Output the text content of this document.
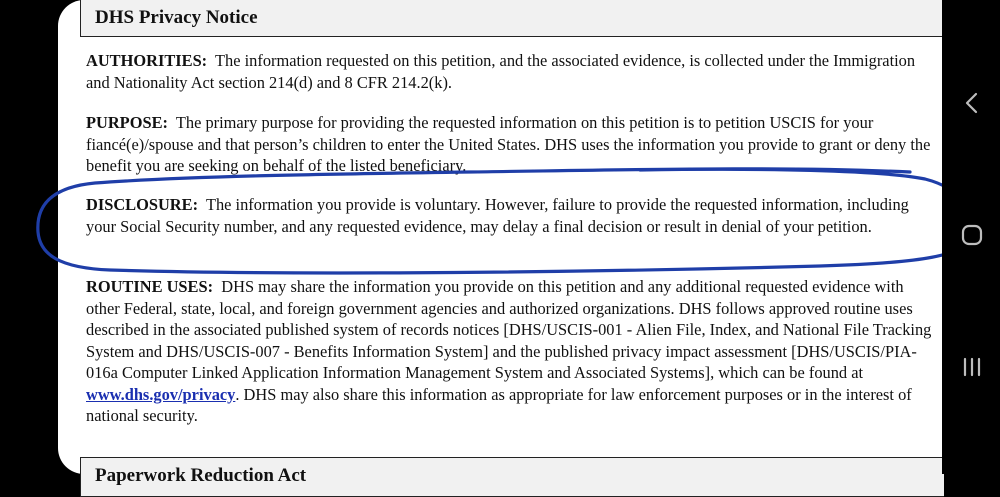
DHS Privacy Notice
AUTHORITIES: The information requested on this petition, and the associated evidence, is collected under the Immigration and Nationality Act section 214(d) and 8 CFR 214.2(k).
PURPOSE: The primary purpose for providing the requested information on this petition is to petition USCIS for your fiancé(e)/spouse and that person’s children to enter the United States. DHS uses the information you provide to grant or deny the benefit you are seeking on behalf of the listed beneficiary.
DISCLOSURE: The information you provide is voluntary. However, failure to provide the requested information, including your Social Security number, and any requested evidence, may delay a final decision or result in denial of your petition.
ROUTINE USES: DHS may share the information you provide on this petition and any additional requested evidence with other Federal, state, local, and foreign government agencies and authorized organizations. DHS follows approved routine uses described in the associated published system of records notices [DHS/USCIS-001 - Alien File, Index, and National File Tracking System and DHS/USCIS-007 - Benefits Information System] and the published privacy impact assessment [DHS/USCIS/PIA-016a Computer Linked Application Information Management System and Associated Systems], which can be found at www.dhs.gov/privacy. DHS may also share this information as appropriate for law enforcement purposes or in the interest of national security.
Paperwork Reduction Act
